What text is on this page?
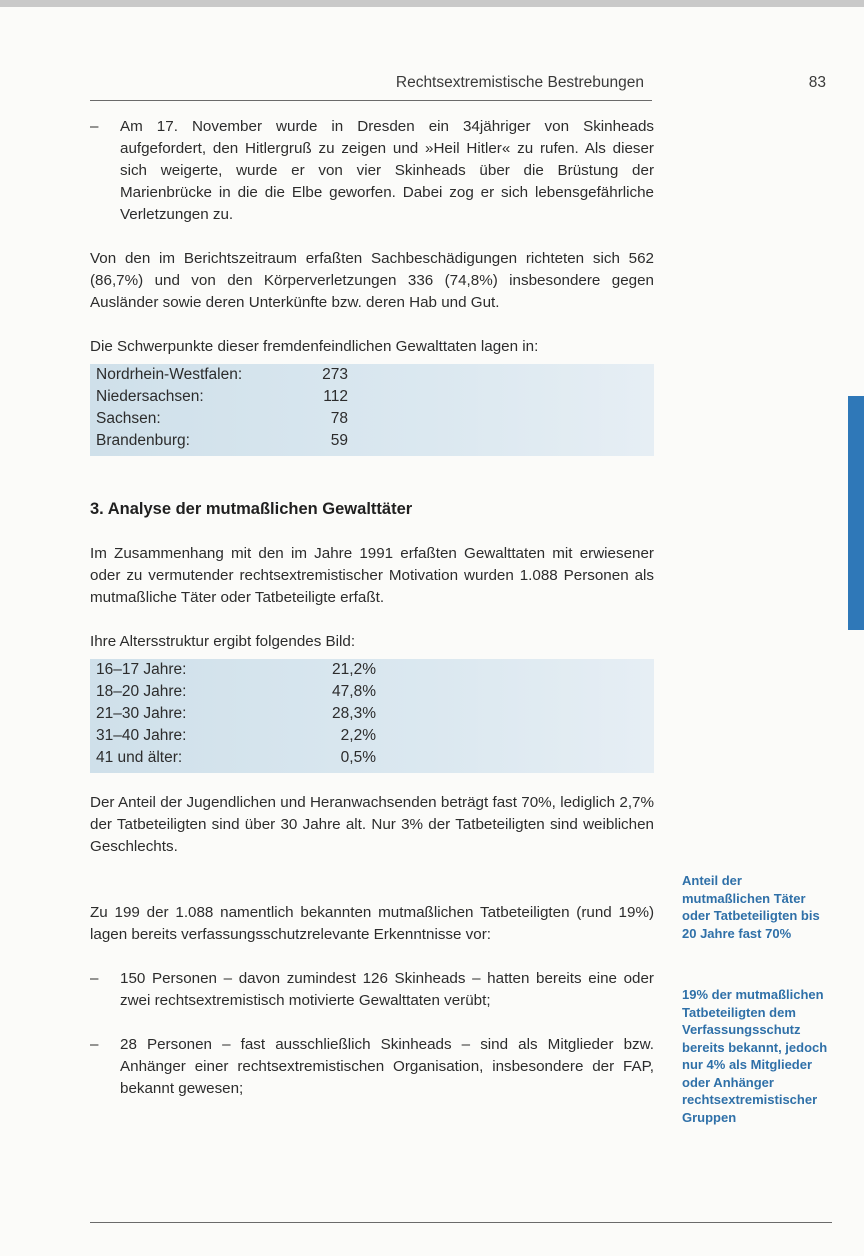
Rechtsextremistische Bestrebungen	83
– Am 17. November wurde in Dresden ein 34jähriger von Skinheads aufgefordert, den Hitlergruß zu zeigen und »Heil Hitler« zu rufen. Als dieser sich weigerte, wurde er von vier Skinheads über die Brüstung der Marienbrücke in die die Elbe geworfen. Dabei zog er sich lebensgefährliche Verletzungen zu.

Von den im Berichtszeitraum erfaßten Sachbeschädigungen richteten sich 562 (86,7%) und von den Körperverletzungen 336 (74,8%) insbesondere gegen Ausländer sowie deren Unterkünfte bzw. deren Hab und Gut.

Die Schwerpunkte dieser fremdenfeindlichen Gewalttaten lagen in:

Nordrhein-Westfalen:	273	
Niedersachsen:	112	
Sachsen:	78	
Brandenburg:	59	

3. Analyse der mutmaßlichen Gewalttäter

Im Zusammenhang mit den im Jahre 1991 erfaßten Gewalttaten mit erwiesener oder zu vermutender rechtsextremistischer Motivation wurden 1.088 Personen als mutmaßliche Täter oder Tatbeteiligte erfaßt.

Ihre Altersstruktur ergibt folgendes Bild:

16–17 Jahre:	21,2%	
18–20 Jahre:	47,8%	
21–30 Jahre:	28,3%	
31–40 Jahre:	2,2%	
41 und älter:	0,5%	

Der Anteil der Jugendlichen und Heranwachsenden beträgt fast 70%, lediglich 2,7% der Tatbeteiligten sind über 30 Jahre alt. Nur 3% der Tatbeteiligten sind weiblichen Geschlechts.

Zu 199 der 1.088 namentlich bekannten mutmaßlichen Tatbeteiligten (rund 19%) lagen bereits verfassungsschutzrelevante Erkenntnisse vor:

– 150 Personen – davon zumindest 126 Skinheads – hatten bereits eine oder zwei rechtsextremistisch motivierte Gewalttaten verübt;
– 28 Personen – fast ausschließlich Skinheads – sind als Mitglieder bzw. Anhänger einer rechtsextremistischen Organisation, insbesondere der FAP, bekannt gewesen;
Anteil der mutmaßlichen Täter oder Tatbeteiligten bis 20 Jahre fast 70%
19% der mutmaßlichen Tatbeteiligten dem Verfassungsschutz bereits bekannt, jedoch nur 4% als Mitglieder oder Anhänger rechtsextremistischer Gruppen
